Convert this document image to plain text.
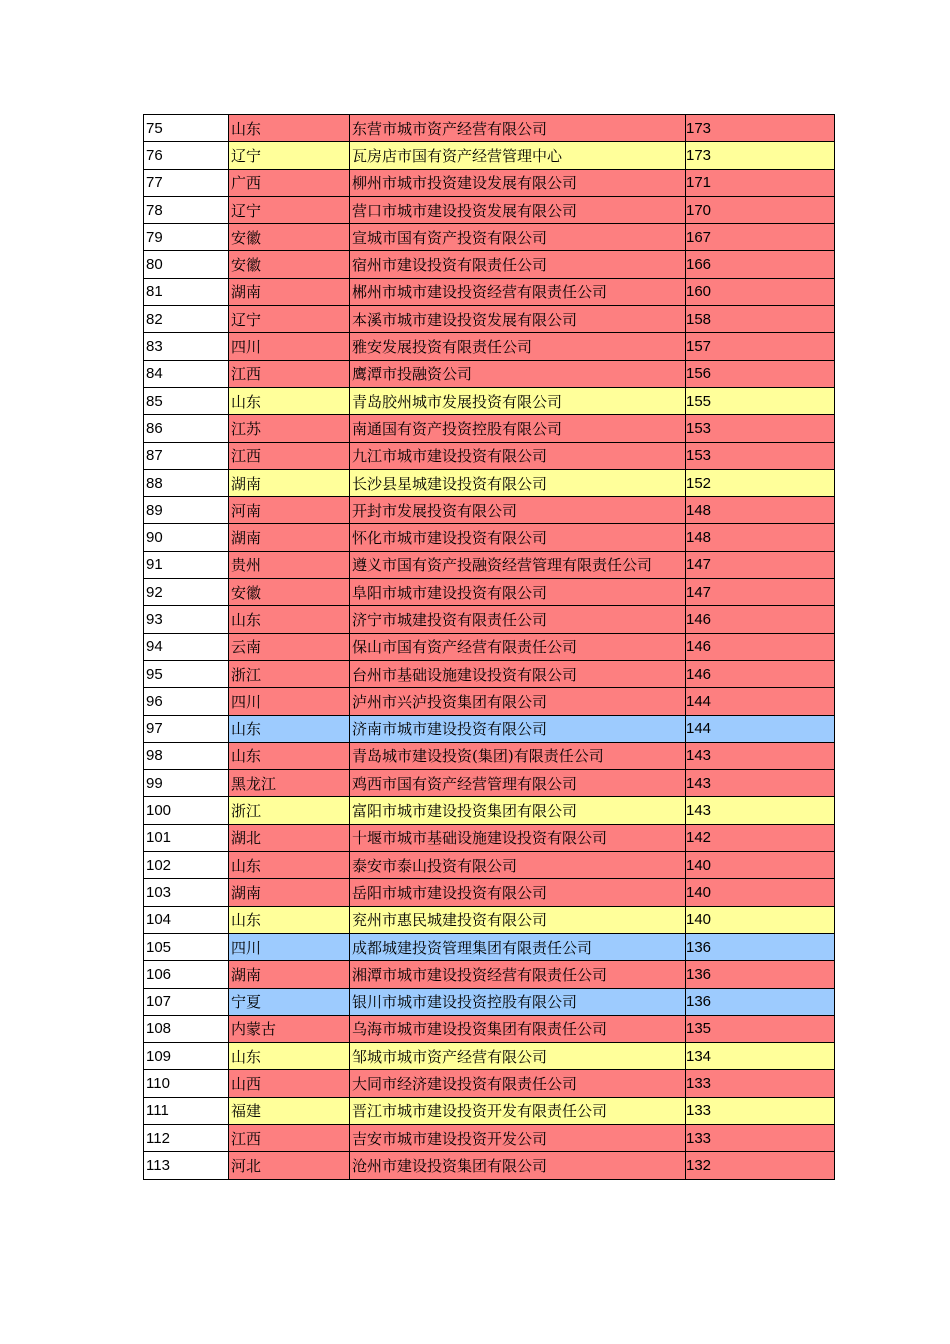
75	山东	东营市城市资产经营有限公司	173
76	辽宁	瓦房店市国有资产经营管理中心	173
77	广西	柳州市城市投资建设发展有限公司	171
78	辽宁	营口市城市建设投资发展有限公司	170
79	安徽	宣城市国有资产投资有限公司	167
80	安徽	宿州市建设投资有限责任公司	166
81	湖南	郴州市城市建设投资经营有限责任公司	160
82	辽宁	本溪市城市建设投资发展有限公司	158
83	四川	雅安发展投资有限责任公司	157
84	江西	鹰潭市投融资公司	156
85	山东	青岛胶州城市发展投资有限公司	155
86	江苏	南通国有资产投资控股有限公司	153
87	江西	九江市城市建设投资有限公司	153
88	湖南	长沙县星城建设投资有限公司	152
89	河南	开封市发展投资有限公司	148
90	湖南	怀化市城市建设投资有限公司	148
91	贵州	遵义市国有资产投融资经营管理有限责任公司	147
92	安徽	阜阳市城市建设投资有限公司	147
93	山东	济宁市城建投资有限责任公司	146
94	云南	保山市国有资产经营有限责任公司	146
95	浙江	台州市基础设施建设投资有限公司	146
96	四川	泸州市兴泸投资集团有限公司	144
97	山东	济南市城市建设投资有限公司	144
98	山东	青岛城市建设投资(集团)有限责任公司	143
99	黑龙江	鸡西市国有资产经营管理有限公司	143
100	浙江	富阳市城市建设投资集团有限公司	143
101	湖北	十堰市城市基础设施建设投资有限公司	142
102	山东	泰安市泰山投资有限公司	140
103	湖南	岳阳市城市建设投资有限公司	140
104	山东	兖州市惠民城建投资有限公司	140
105	四川	成都城建投资管理集团有限责任公司	136
106	湖南	湘潭市城市建设投资经营有限责任公司	136
107	宁夏	银川市城市建设投资控股有限公司	136
108	内蒙古	乌海市城市建设投资集团有限责任公司	135
109	山东	邹城市城市资产经营有限公司	134
110	山西	大同市经济建设投资有限责任公司	133
111	福建	晋江市城市建设投资开发有限责任公司	133
112	江西	吉安市城市建设投资开发公司	133
113	河北	沧州市建设投资集团有限公司	132
